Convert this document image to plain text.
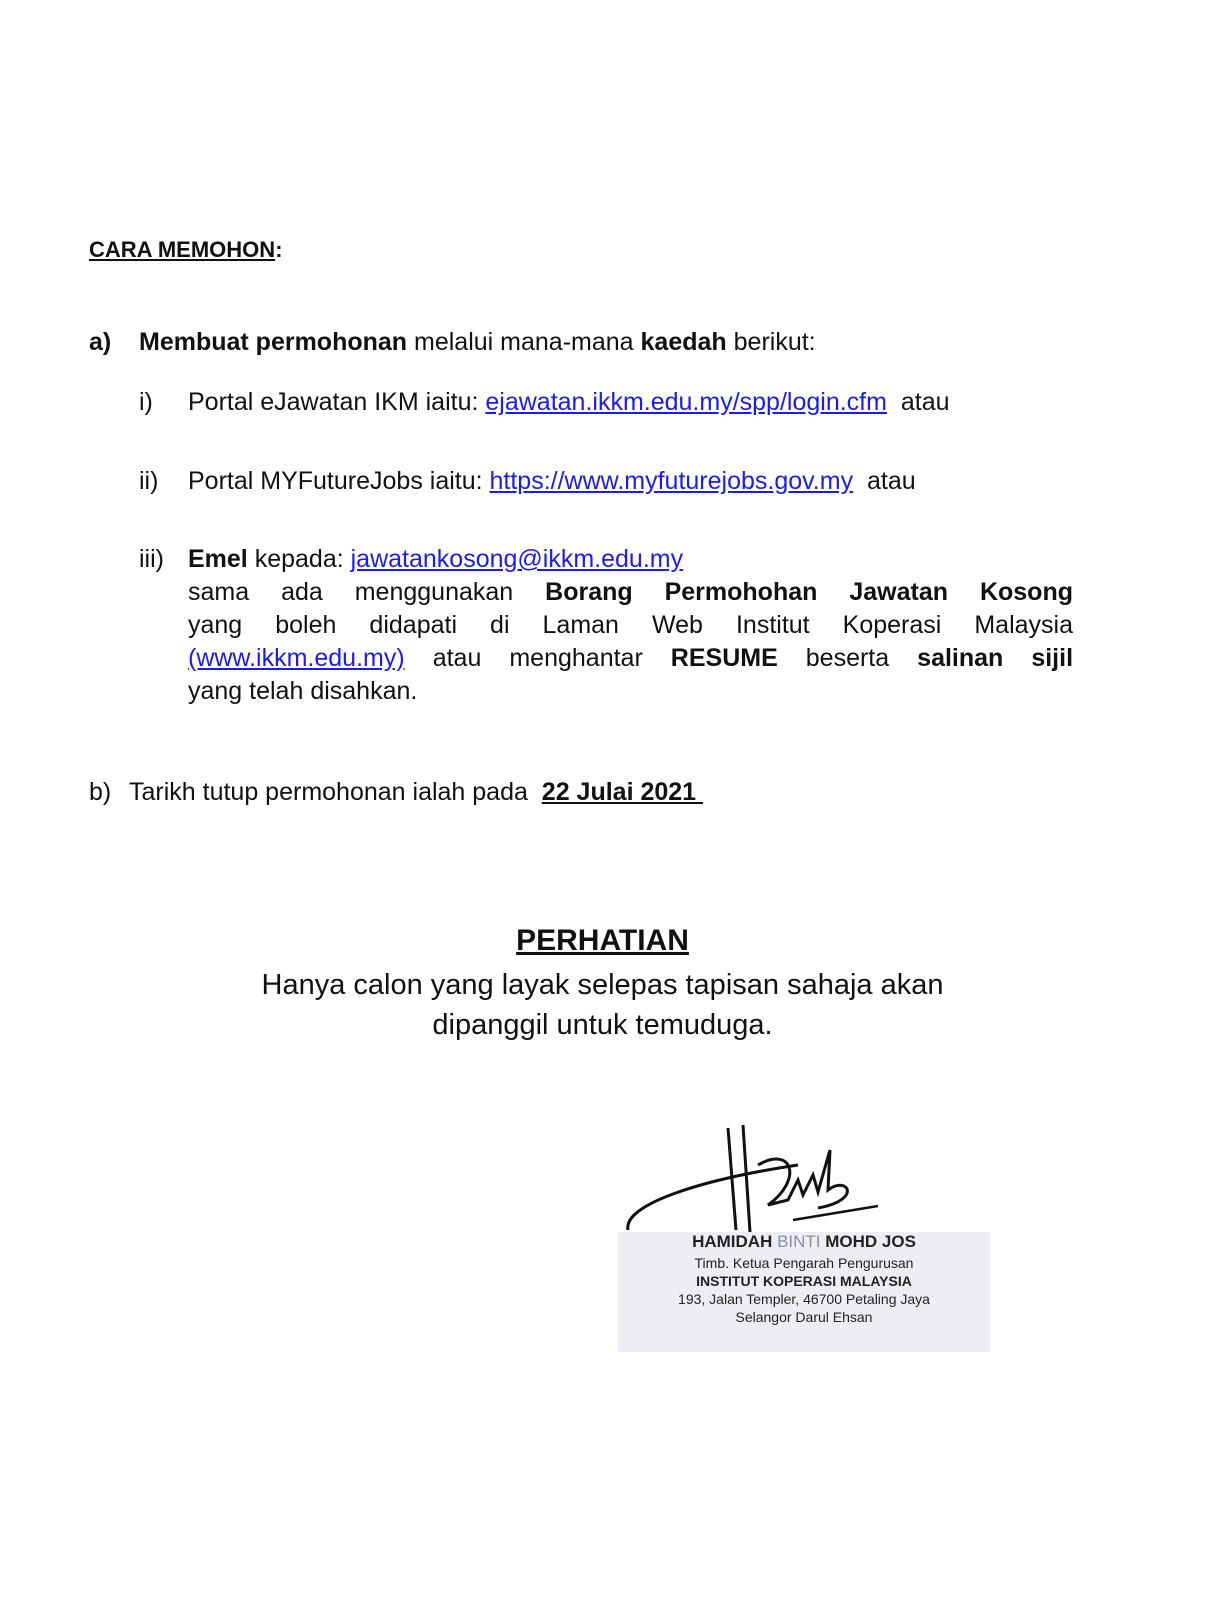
CARA MEMOHON:
a) Membuat permohonan melalui mana-mana kaedah berikut:
i) Portal eJawatan IKM iaitu: ejawatan.ikkm.edu.my/spp/login.cfm atau
ii) Portal MYFutureJobs iaitu: https://www.myfuturejobs.gov.my atau
iii) Emel kepada: jawatankosong@ikkm.edu.my
sama ada menggunakan Borang Permohohan Jawatan Kosong
yang boleh didapati di Laman Web Institut Koperasi Malaysia
(www.ikkm.edu.my) atau menghantar RESUME beserta salinan sijil
yang telah disahkan.
b) Tarikh tutup permohonan ialah pada  22 Julai 2021
PERHATIAN
Hanya calon yang layak selepas tapisan sahaja akan
dipanggil untuk temuduga.
HAMIDAH BINTI MOHD JOS
Timb. Ketua Pengarah Pengurusan
INSTITUT KOPERASI MALAYSIA
193, Jalan Templer, 46700 Petaling Jaya
Selangor Darul Ehsan
